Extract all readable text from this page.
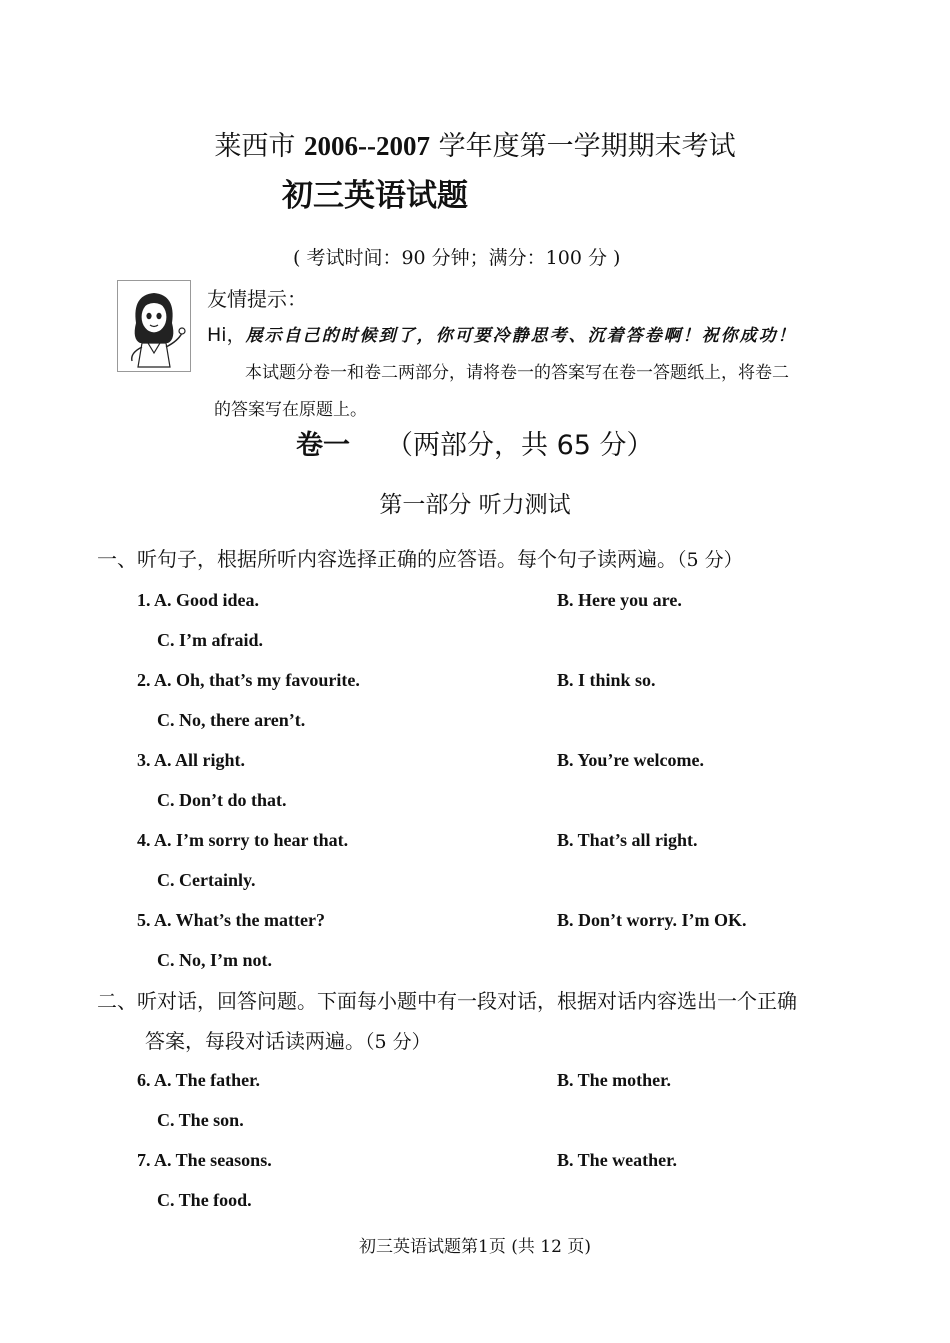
莱西市 2006--2007 学年度第一学期期末考试
初三英语试题
( 考试时间：90 分钟；满分：100 分 )
友情提示：
Hi，展示自己的时候到了，你可要冷静思考、沉着答卷啊！祝你成功！
本试题分卷一和卷二两部分，请将卷一的答案写在卷一答题纸上，将卷二
的答案写在原题上。
卷一 （两部分，共 65 分）
第一部分 听力测试
一、听句子，根据所听内容选择正确的应答语。每个句子读两遍。（5 分）
1. A. Good idea.	B. Here you are.
C. I’m afraid.
2. A. Oh, that’s my favourite.	B. I think so.
C. No, there aren’t.
3. A. All right.	B. You’re welcome.
C. Don’t do that.
4. A. I’m sorry to hear that.	B. That’s all right.
C. Certainly.
5. A. What’s the matter?	B. Don’t worry. I’m OK.
C. No, I’m not.
二、听对话，回答问题。下面每小题中有一段对话，根据对话内容选出一个正确
答案，每段对话读两遍。（5 分）
6. A. The father.	B. The mother.
C. The son.
7. A. The seasons.	B. The weather.
C. The food.
初三英语试题第1页 (共 12 页)
